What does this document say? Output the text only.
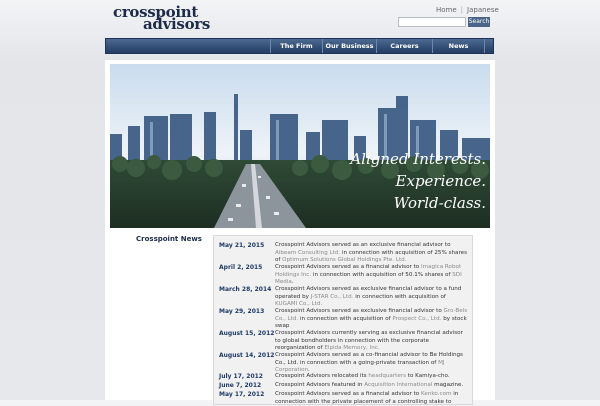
crosspoint
advisors
Home | Japanese
Search
The Firm	Our Business	Careers	News
Aligned Interests.
Experience.
World-class.
Crosspoint News
May 21, 2015 Crosspoint Advisors served as an exclusive financial advisor to Albeam Consulting Ltd. in connection with acquisition of 25% shares of Optimum Solutions Global Holdings Pte. Ltd.
April 2, 2015 Crosspoint Advisors served as a financial advisor to Imagica Robot Holdings Inc. in connection with acquisition of 50.1% shares of SDI Media.
March 28, 2014 Crosspoint Advisors served as exclusive financial advisor to a fund operated by J-STAR Co., Ltd. in connection with acquisition of KUGAMI Co., Ltd.
May 29, 2013 Crosspoint Advisors served as exclusive financial advisor to Gro-Bels Co., Ltd. in connection with acquisition of Prospect Co., Ltd. by stock swap
August 15, 2012 Crosspoint Advisors currently serving as exclusive financial advisor to global bondholders in connection with the corporate reorganization of Elpida Memory, Inc.
August 14, 2012 Crosspoint Advisors served as a co-financial advisor to Be Holdings Co., Ltd. in connection with a going-private transaction of MJ Corporation.
July 17, 2012 Crosspoint Advisors relocated its headquarters to Kamiya-cho.
June 7, 2012 Crosspoint Advisors featured in Acquisition International magazine.
May 17, 2012 Crosspoint Advisors served as a financial advisor to Kenko.com in connection with the private placement of a controlling stake to
